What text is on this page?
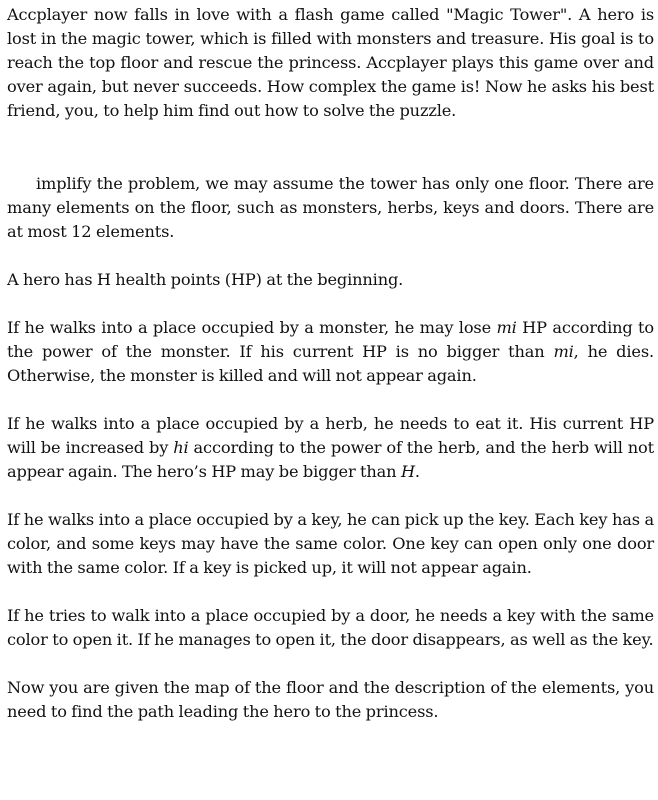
Accplayer now falls in love with a flash game called "Magic Tower". A hero is lost in the magic tower, which is filled with monsters and treasure. His goal is to reach the top floor and rescue the princess. Accplayer plays this game over and over again, but never succeeds. How complex the game is! Now he asks his best friend, you, to help him find out how to solve the puzzle.

implify the problem, we may assume the tower has only one floor. There are many elements on the floor, such as monsters, herbs, keys and doors. There are at most 12 elements.

A hero has H health points (HP) at the beginning.

If he walks into a place occupied by a monster, he may lose mi HP according to the power of the monster. If his current HP is no bigger than mi, he dies. Otherwise, the monster is killed and will not appear again.

If he walks into a place occupied by a herb, he needs to eat it. His current HP will be increased by hi according to the power of the herb, and the herb will not appear again. The hero’s HP may be bigger than H.

If he walks into a place occupied by a key, he can pick up the key. Each key has a color, and some keys may have the same color. One key can open only one door with the same color. If a key is picked up, it will not appear again.

If he tries to walk into a place occupied by a door, he needs a key with the same color to open it. If he manages to open it, the door disappears, as well as the key.

Now you are given the map of the floor and the description of the elements, you need to find the path leading the hero to the princess.
